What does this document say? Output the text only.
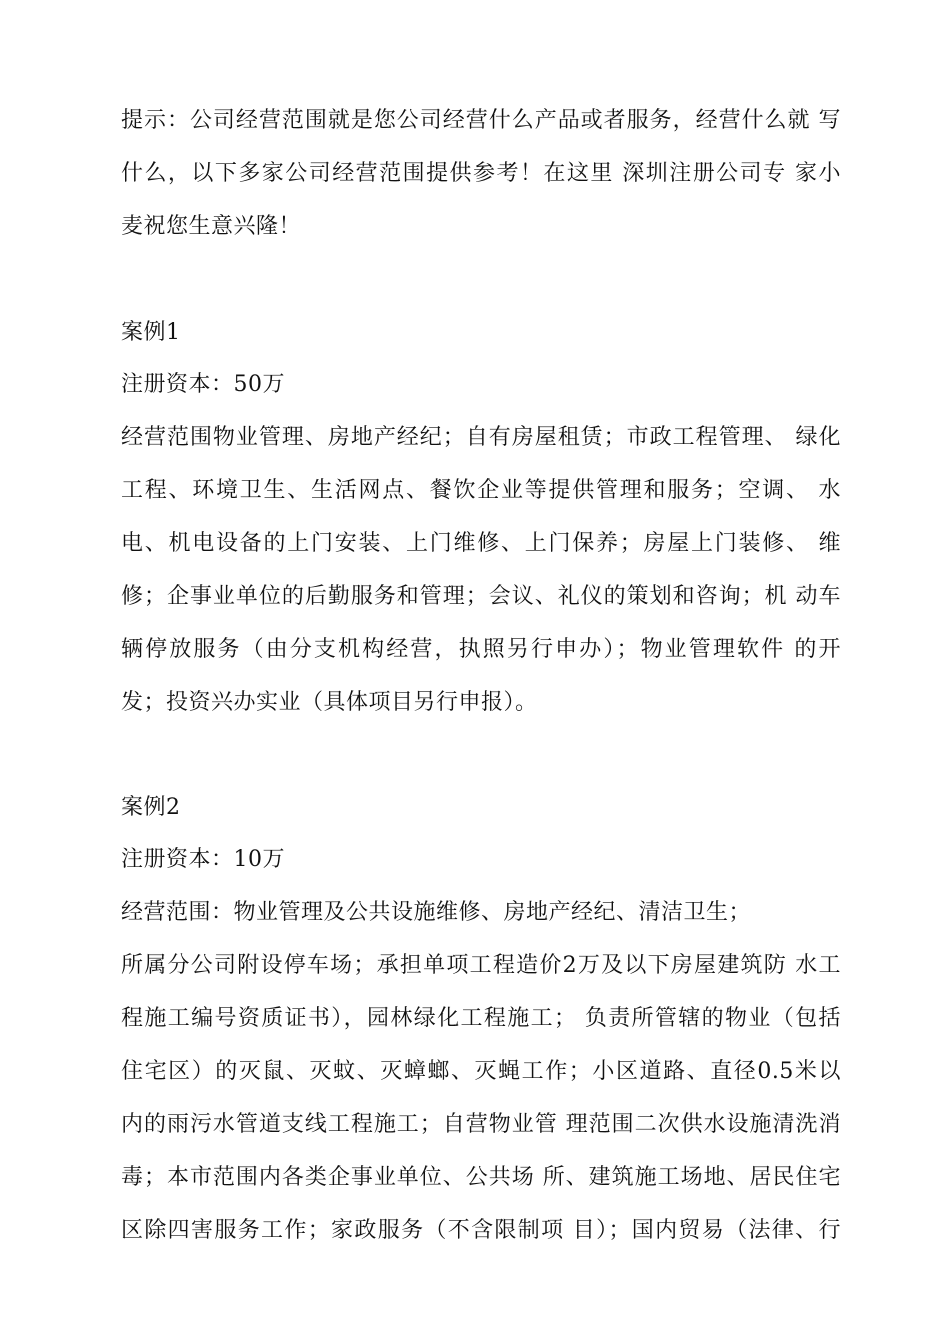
提示：公司经营范围就是您公司经营什么产品或者服务，经营什么就 写
什么，以下多家公司经营范围提供参考！在这里 深圳注册公司专 家小
麦祝您生意兴隆！
案例1
注册资本：50万
经营范围物业管理、房地产经纪；自有房屋租赁；市政工程管理、 绿化
工程、环境卫生、生活网点、餐饮企业等提供管理和服务；空调、 水
电、机电设备的上门安装、上门维修、上门保养；房屋上门装修、 维
修；企事业单位的后勤服务和管理；会议、礼仪的策划和咨询；机 动车
辆停放服务（由分支机构经营，执照另行申办）；物业管理软件 的开
发；投资兴办实业（具体项目另行申报）。
案例2
注册资本：10万
经营范围：物业管理及公共设施维修、房地产经纪、清洁卫生；
所属分公司附设停车场；承担单项工程造价2万及以下房屋建筑防 水工
程施工编号资质证书），园林绿化工程施工； 负责所管辖的物业（包括
住宅区）的灭鼠、灭蚊、灭蟑螂、灭蝇工作；小区道路、直径0.5米以
内的雨污水管道支线工程施工；自营物业管 理范围二次供水设施清洗消
毒；本市范围内各类企事业单位、公共场 所、建筑施工场地、居民住宅
区除四害服务工作；家政服务（不含限制项 目）；国内贸易（法律、行
